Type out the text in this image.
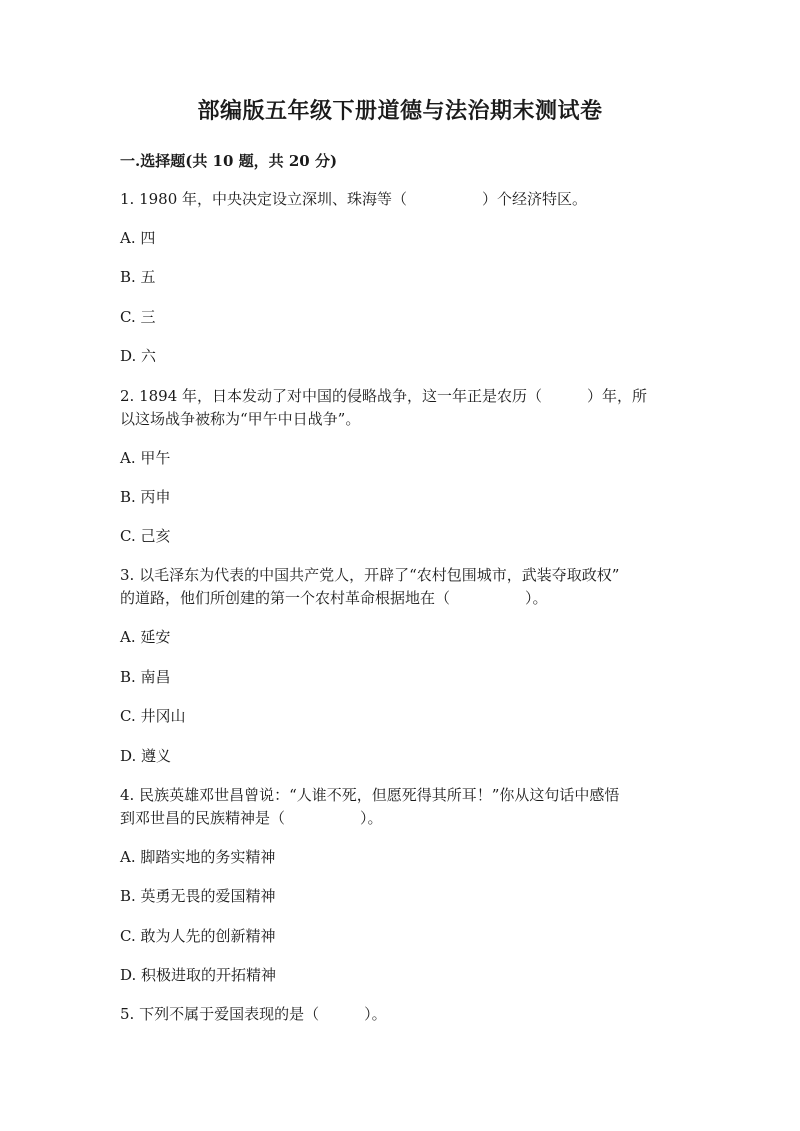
部编版五年级下册道德与法治期末测试卷
一.选择题(共 10 题，共 20 分)
1. 1980 年，中央决定设立深圳、珠海等（　　　　　）个经济特区。
A. 四
B. 五
C. 三
D. 六
2. 1894 年，日本发动了对中国的侵略战争，这一年正是农历（　　　）年，所
以这场战争被称为“甲午中日战争”。
A. 甲午
B. 丙申
C. 己亥
3. 以毛泽东为代表的中国共产党人，开辟了“农村包围城市，武装夺取政权”
的道路，他们所创建的第一个农村革命根据地在（　　　　　）。
A. 延安
B. 南昌
C. 井冈山
D. 遵义
4. 民族英雄邓世昌曾说：“人谁不死，但愿死得其所耳！”你从这句话中感悟
到邓世昌的民族精神是（　　　　　）。
A. 脚踏实地的务实精神
B. 英勇无畏的爱国精神
C. 敢为人先的创新精神
D. 积极进取的开拓精神
5. 下列不属于爱国表现的是（　　　）。
